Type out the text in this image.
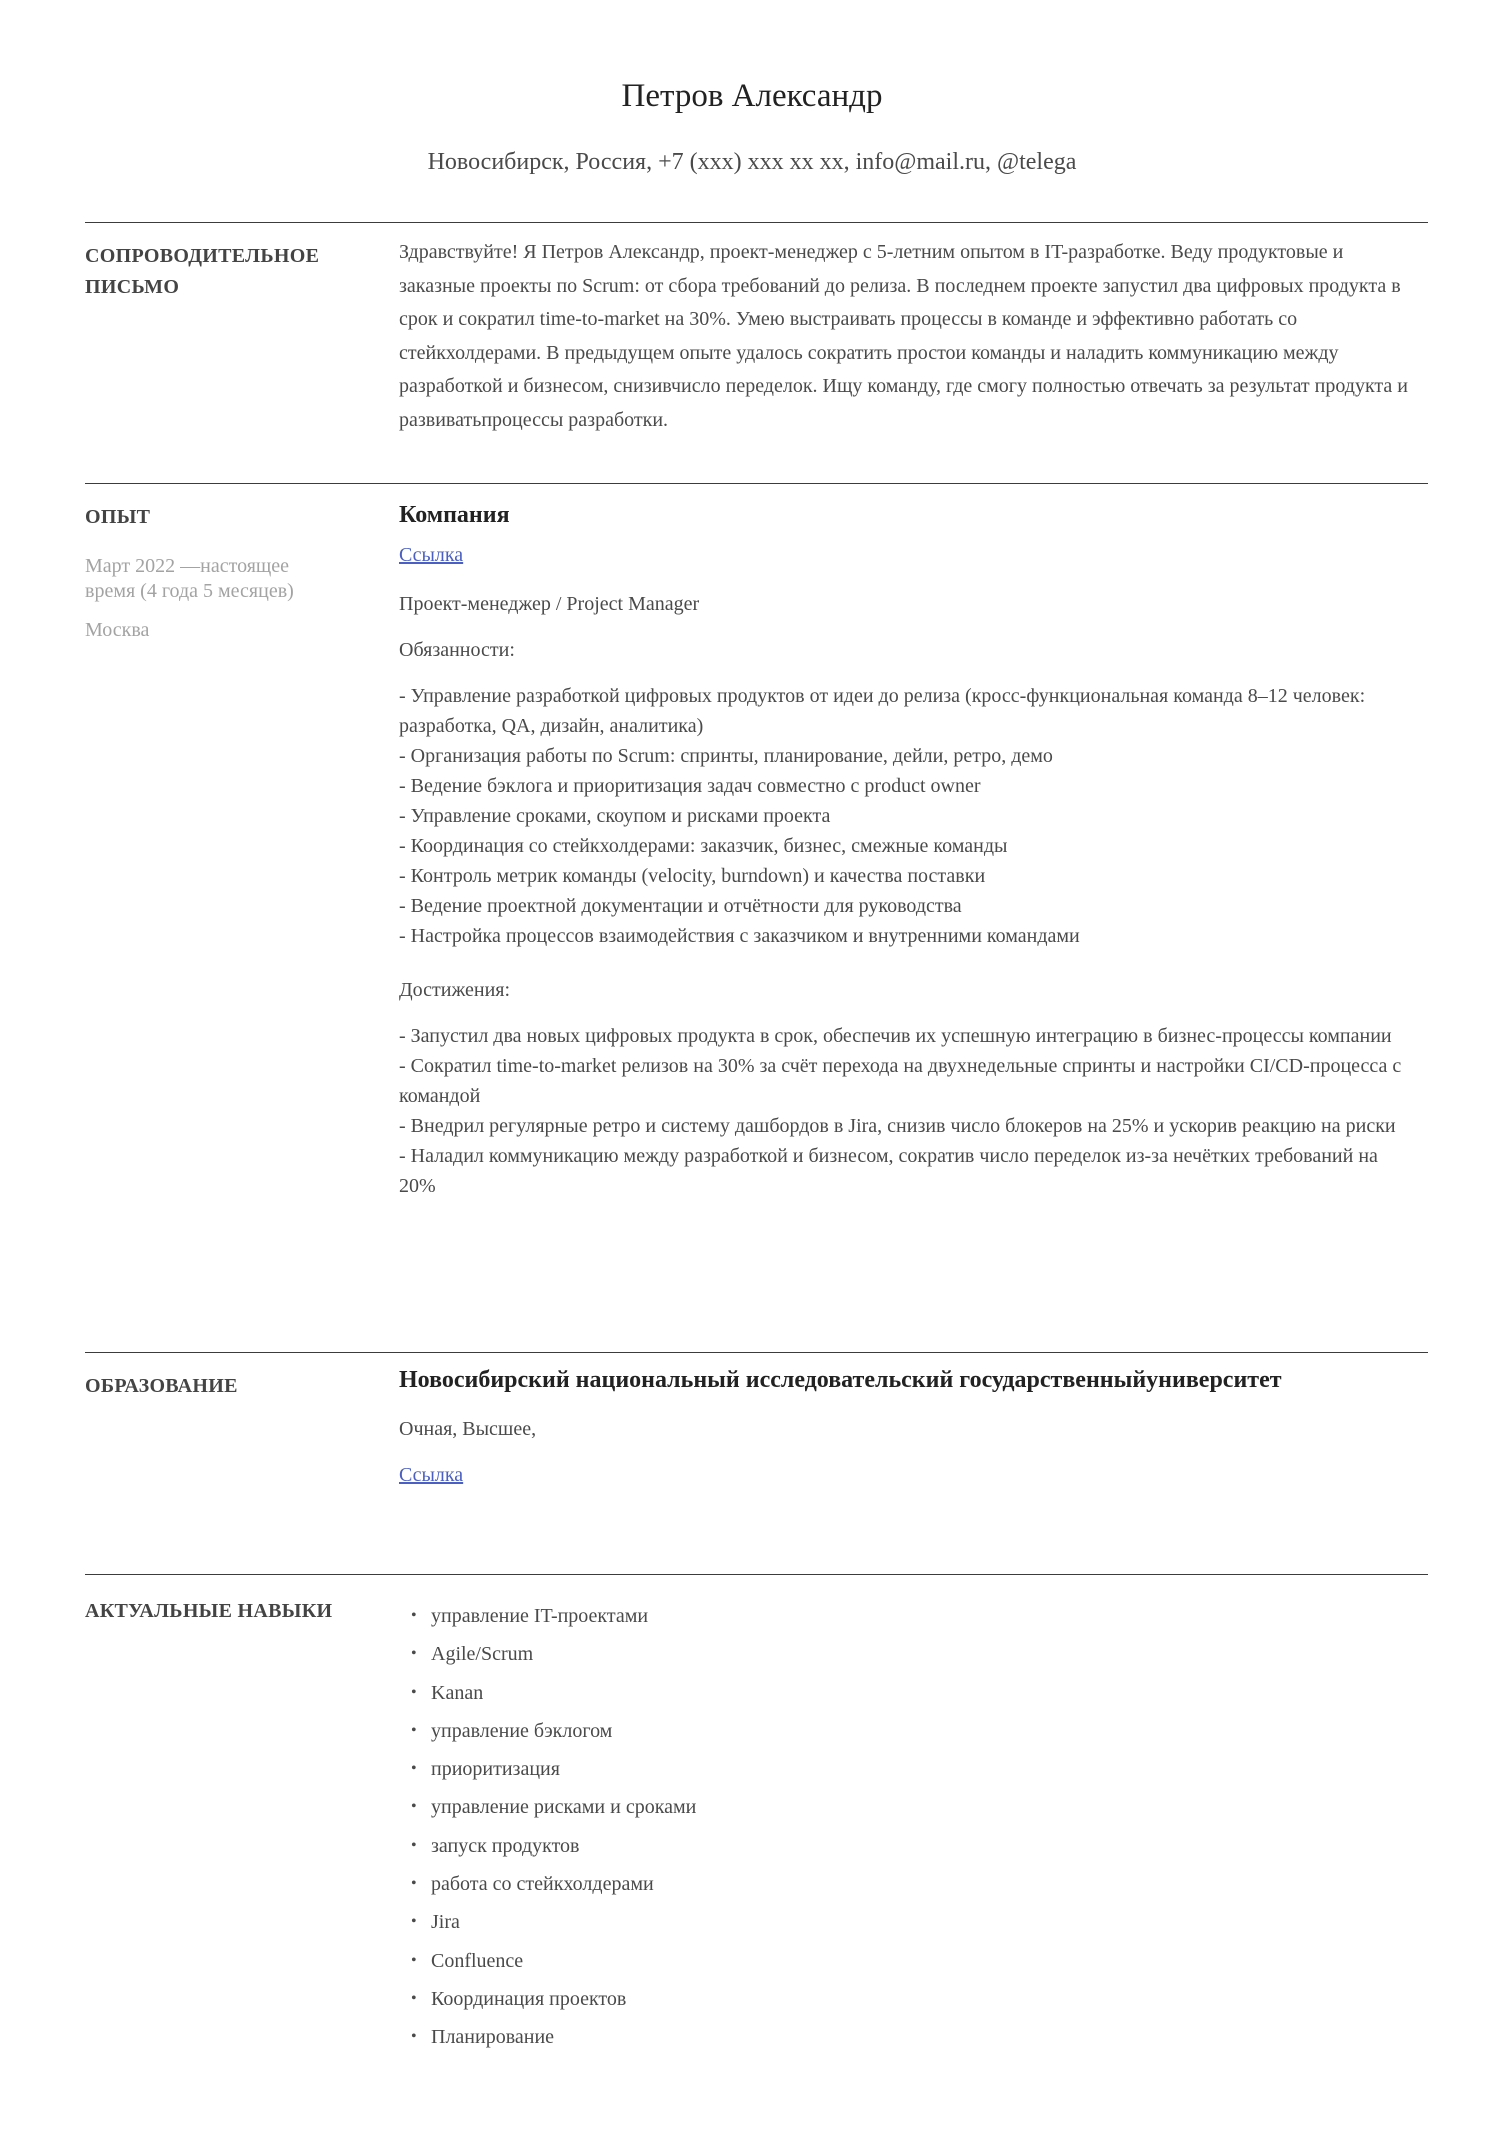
Петров Александр
Новосибирск, Россия, +7 (xxx) xxx xx xx, info@mail.ru, @telega
СОПРОВОДИТЕЛЬНОЕ ПИСЬМО

Здравствуйте! Я Петров Александр, проект-менеджер с 5-летним опытом в IT-разработке. Веду продуктовые и заказные проекты по Scrum: от сбора требований до релиза. В последнем проекте запустил два цифровых продукта в срок и сократил time-to-market на 30%. Умею выстраивать процессы в команде и эффективно работать со стейкхолдерами. В предыдущем опыте удалось сократить простои команды и наладить коммуникацию между разработкой и бизнесом, снизивчисло переделок. Ищу команду, где смогу полностью отвечать за результат продукта и развиватьпроцессы разработки.

ОПЫТ
Март 2022 —настоящее время (4 года 5 месяцев)
Москва
Компания
Ссылка
Проект-менеджер / Project Manager
Обязанности:
- Управление разработкой цифровых продуктов от идеи до релиза (кросс-функциональная команда 8–12 человек: разработка, QA, дизайн, аналитика)
- Организация работы по Scrum: спринты, планирование, дейли, ретро, демо
- Ведение бэклога и приоритизация задач совместно с product owner
- Управление сроками, скоупом и рисками проекта
- Координация со стейкхолдерами: заказчик, бизнес, смежные команды
- Контроль метрик команды (velocity, burndown) и качества поставки
- Ведение проектной документации и отчётности для руководства
- Настройка процессов взаимодействия с заказчиком и внутренними командами
Достижения:
- Запустил два новых цифровых продукта в срок, обеспечив их успешную интеграцию в бизнес-процессы компании
- Сократил time-to-market релизов на 30% за счёт перехода на двухнедельные спринты и настройки CI/CD-процесса с командой
- Внедрил регулярные ретро и систему дашбордов в Jira, снизив число блокеров на 25% и ускорив реакцию на риски
- Наладил коммуникацию между разработкой и бизнесом, сократив число переделок из-за нечётких требований на 20%
ОБРАЗОВАНИЕ	Новосибирский национальный исследовательский государственныйуниверситет
Очная, Высшее,
Ссылка
АКТУАЛЬНЫЕ НАВЫКИ	• управление IT-проектами
• Agile/Scrum
• Kanan
• управление бэклогом
• приоритизация
• управление рисками и сроками
• запуск продуктов
• работа со стейкхолдерами
• Jira
• Confluence
• Координация проектов
• Планирование
